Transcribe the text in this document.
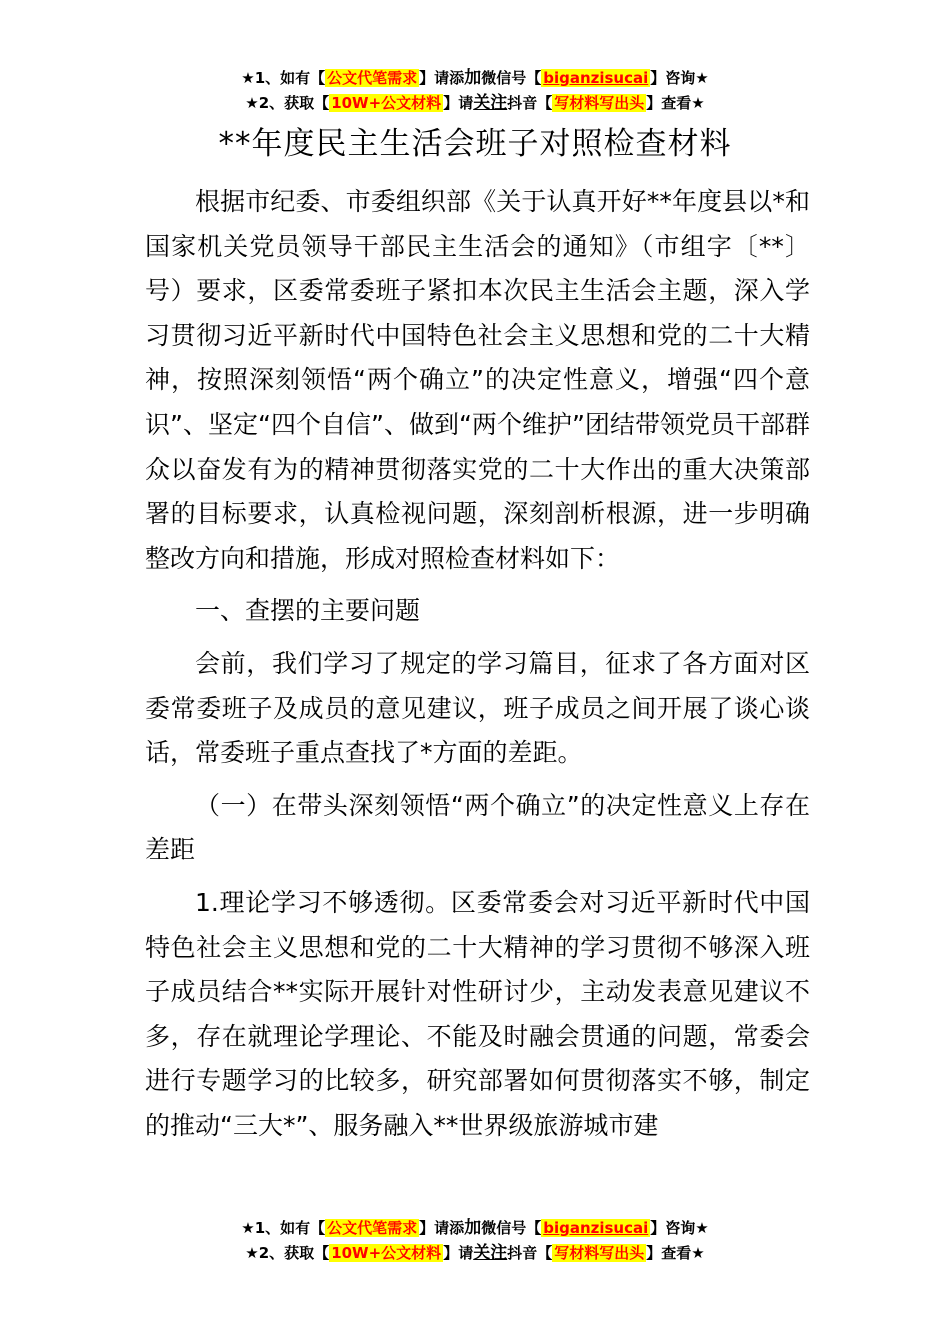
★1、如有【 公文代笔需求 】请添加微信号【 biganzisucai 】咨询★
★2、获取【 10W+公文材料 】请关注抖音【 写材料写出头 】查看★
**年度民主生活会班子对照检查材料

根据市纪委、市委组织部《关于认真开好**年度县以*和国家机关党员领导干部民主生活会的通知》（市组字〔**〕号）要求，区委常委班子紧扣本次民主生活会主题，深入学习贯彻习近平新时代中国特色社会主义思想和党的二十大精神，按照深刻领悟“两个确立”的决定性意义，增强“四个意识”、坚定“四个自信”、做到“两个维护”团结带领党员干部群众以奋发有为的精神贯彻落实党的二十大作出的重大决策部署的目标要求，认真检视问题，深刻剖析根源，进一步明确整改方向和措施，形成对照检查材料如下：

一、查摆的主要问题

会前，我们学习了规定的学习篇目，征求了各方面对区委常委班子及成员的意见建议，班子成员之间开展了谈心谈话，常委班子重点查找了*方面的差距。

（一）在带头深刻领悟“两个确立”的决定性意义上存在差距

1.理论学习不够透彻。区委常委会对习近平新时代中国特色社会主义思想和党的二十大精神的学习贯彻不够深入班子成员结合**实际开展针对性研讨少，主动发表意见建议不多，存在就理论学理论、不能及时融会贯通的问题，常委会进行专题学习的比较多，研究部署如何贯彻落实不够，制定的推动“三大*”、服务融入**世界级旅游城市建

★1、如有【 公文代笔需求 】请添加微信号【 biganzisucai 】咨询★
★2、获取【 10W+公文材料 】请关注抖音【 写材料写出头 】查看★
